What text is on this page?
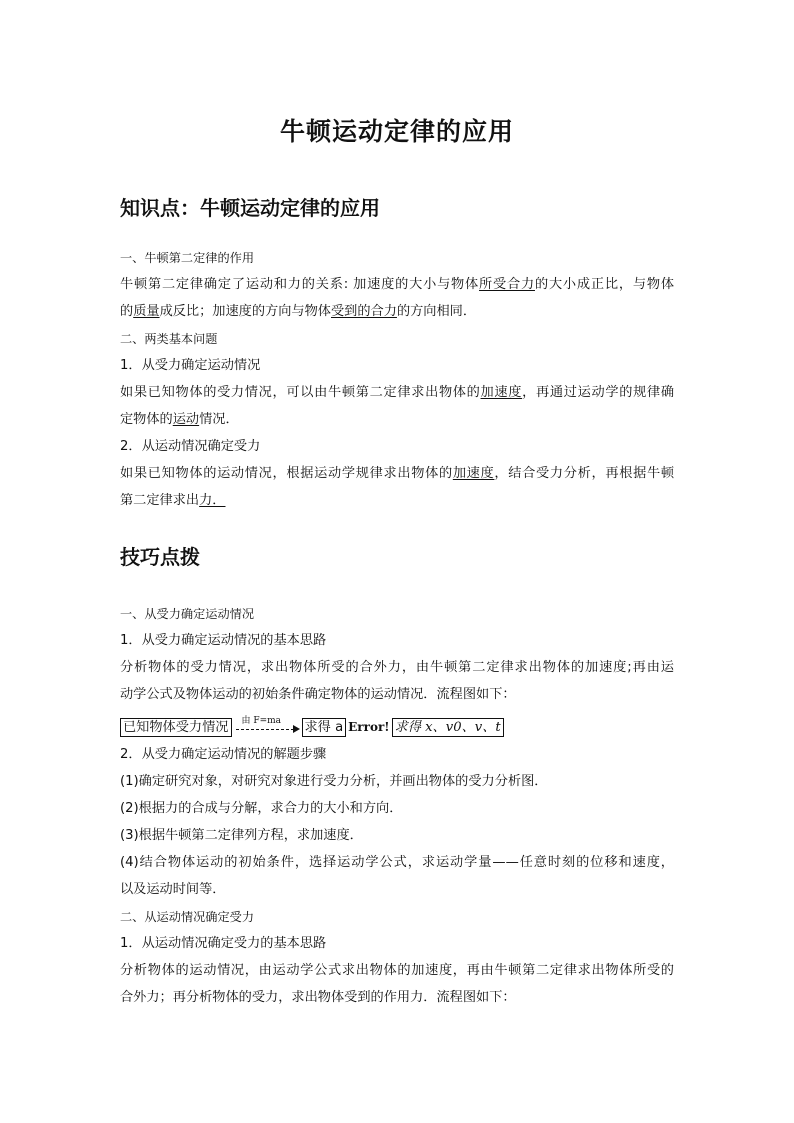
牛顿运动定律的应用
知识点：牛顿运动定律的应用
一、牛顿第二定律的作用
牛顿第二定律确定了运动和力的关系: 加速度的大小与物体所受合力的大小成正比，与物体
的质量成反比；加速度的方向与物体受到的合力的方向相同．
二、两类基本问题
1．从受力确定运动情况
如果已知物体的受力情况，可以由牛顿第二定律求出物体的加速度，再通过运动学的规律确
定物体的运动情况．
2．从运动情况确定受力
如果已知物体的运动情况，根据运动学规律求出物体的加速度，结合受力分析，再根据牛顿
第二定律求出力．
技巧点拨
一、从受力确定运动情况
1．从受力确定运动情况的基本思路
分析物体的受力情况，求出物体所受的合外力，由牛顿第二定律求出物体的加速度;再由运
动学公式及物体运动的初始条件确定物体的运动情况．流程图如下：
已知物体受力情况	由 F=ma 求得 a Error! 求得 x、v0、v、t
2．从受力确定运动情况的解题步骤
(1)确定研究对象，对研究对象进行受力分析，并画出物体的受力分析图．
(2)根据力的合成与分解，求合力的大小和方向．
(3)根据牛顿第二定律列方程，求加速度．
(4)结合物体运动的初始条件，选择运动学公式，求运动学量——任意时刻的位移和速度，
以及运动时间等．
二、从运动情况确定受力
1．从运动情况确定受力的基本思路
分析物体的运动情况，由运动学公式求出物体的加速度，再由牛顿第二定律求出物体所受的
合外力；再分析物体的受力，求出物体受到的作用力．流程图如下：
